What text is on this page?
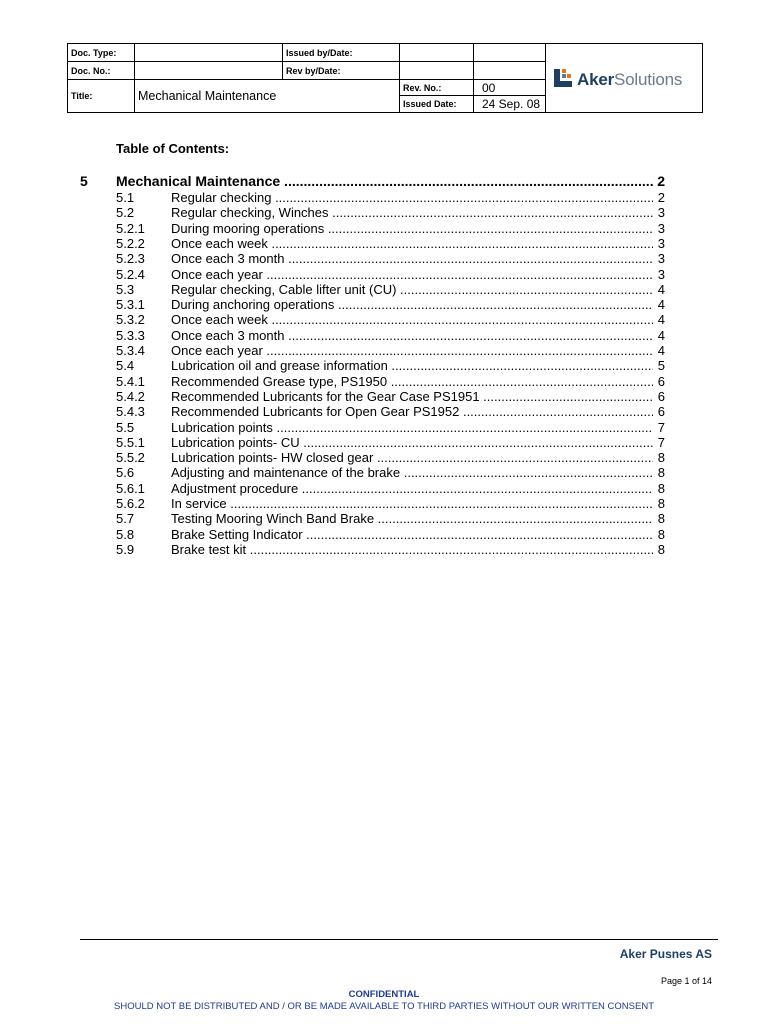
Doc. Type:	Issued by/Date:
Doc. No.:	Rev by/Date:
Title:	Mechanical Maintenance
Rev. No.:	00
Issued Date:	24 Sep. 08
AkerSolutions
Table of Contents:
5 Mechanical Maintenance .....	2
5.1	Regular checking .....	2
5.2	Regular checking, Winches .....	3
5.2.1 During mooring operations .....	3
5.2.2 Once each week .....	3
5.2.3 Once each 3 month .....	3
5.2.4 Once each year .....	3
5.3	Regular checking, Cable lifter unit (CU) .....	4
5.3.1 During anchoring operations .....	4
5.3.2 Once each week .....	4
5.3.3 Once each 3 month .....	4
5.3.4 Once each year .....	4
5.4	Lubrication oil and grease information .....	5
5.4.1 Recommended Grease type, PS1950 .....	6
5.4.2 Recommended Lubricants for the Gear Case PS1951 .....	6
5.4.3 Recommended Lubricants for Open Gear PS1952 .....	6
5.5	Lubrication points .....	7
5.5.1 Lubrication points- CU .....	7
5.5.2 Lubrication points- HW closed gear .....	8
5.6	Adjusting and maintenance of the brake .....	8
5.6.1 Adjustment procedure .....	8
5.6.2 In service .....	8
5.7	Testing Mooring Winch Band Brake .....	8
5.8	Brake Setting Indicator .....	8
5.9	Brake test kit .....	8
Aker Pusnes AS
Page 1 of 14
CONFIDENTIAL
SHOULD NOT BE DISTRIBUTED AND / OR BE MADE AVAILABLE TO THIRD PARTIES WITHOUT OUR WRITTEN CONSENT
